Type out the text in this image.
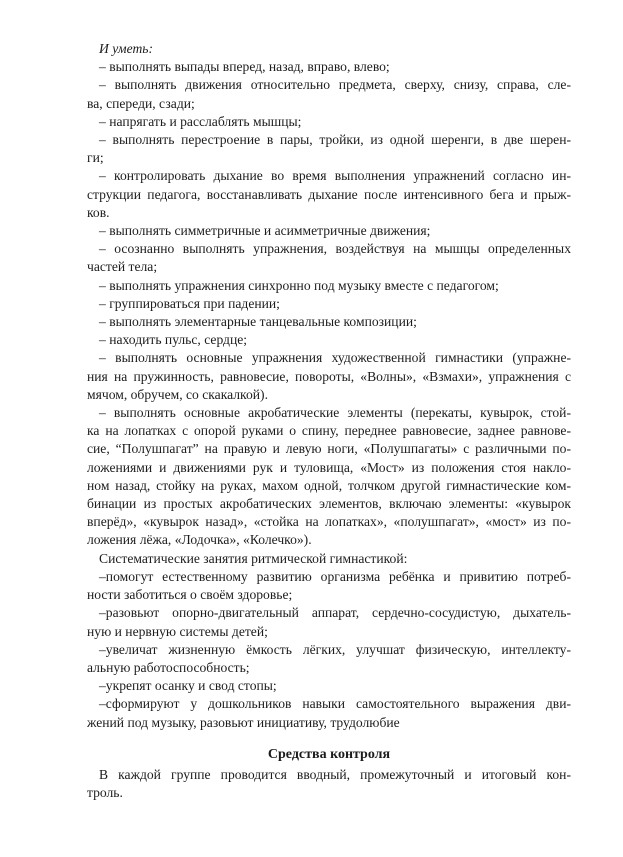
И уметь:
– выполнять выпады вперед, назад, вправо, влево;
– выполнять движения относительно предмета, сверху, снизу, справа, сле-
ва, спереди, сзади;
– напрягать и расслаблять мышцы;
– выполнять перестроение в пары, тройки, из одной шеренги, в две шерен-
ги;
– контролировать дыхание во время выполнения упражнений согласно ин-
струкции педагога, восстанавливать дыхание после интенсивного бега и прыж-
ков.
– выполнять симметричные и асимметричные движения;
– осознанно выполнять упражнения, воздействуя на мышцы определенных
частей тела;
– выполнять упражнения синхронно под музыку вместе с педагогом;
– группироваться при падении;
– выполнять элементарные танцевальные композиции;
– находить пульс, сердце;
– выполнять основные упражнения художественной гимнастики (упражне-
ния на пружинность, равновесие, повороты, «Волны», «Взмахи», упражнения с
мячом, обручем, со скакалкой).
– выполнять основные акробатические элементы (перекаты, кувырок, стой-
ка на лопатках с опорой руками о спину, переднее равновесие, заднее равнове-
сие, “Полушпагат” на правую и левую ноги, «Полушпагаты» с различными по-
ложениями и движениями рук и туловища, «Мост» из положения стоя накло-
ном назад, стойку на руках, махом одной, толчком другой гимнастические ком-
бинации из простых акробатических элементов, включаю элементы: «кувырок
вперёд», «кувырок назад», «стойка на лопатках», «полушпагат», «мост» из по-
ложения лёжа, «Лодочка», «Колечко»).
Систематические занятия ритмической гимнастикой:
–помогут естественному развитию организма ребёнка и привитию потреб-
ности заботиться о своём здоровье;
–разовьют опорно-двигательный аппарат, сердечно-сосудистую, дыхатель-
ную и нервную системы детей;
–увеличат жизненную ёмкость лёгких, улучшат физическую, интеллекту-
альную работоспособность;
–укрепят осанку и свод стопы;
–сформируют у дошкольников навыки самостоятельного выражения дви-
жений под музыку, разовьют инициативу, трудолюбие
Средства контроля
В каждой группе проводится вводный, промежуточный и итоговый кон-
троль.
